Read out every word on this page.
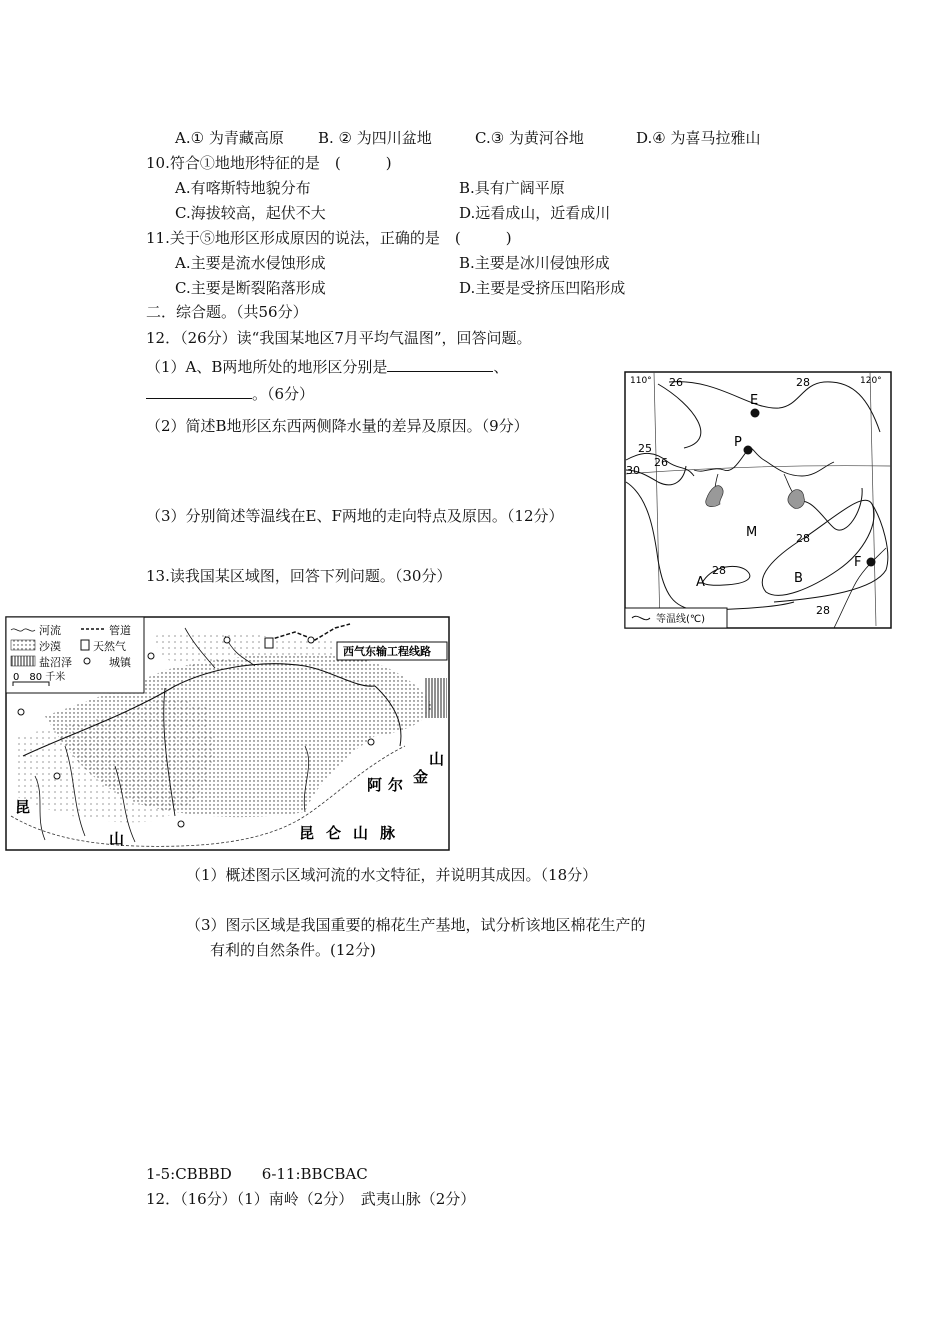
A.① 为青藏高原 B. ② 为四川盆地	C.③ 为黄河谷地	D.④ 为喜马拉雅山
10.符合①地地形特征的是　(　　　)
A.有喀斯特地貌分布	B.具有广阔平原
C.海拔较高，起伏不大	D.远看成山，近看成川
11.关于⑤地形区形成原因的说法，正确的是　(　　　)
A.主要是流水侵蚀形成	B.主要是冰川侵蚀形成
C.主要是断裂陷落形成	D.主要是受挤压凹陷形成
二．综合题。（共56分）
12．（26分）读“我国某地区7月平均气温图”，回答问题。
（1）A、B两地所处的地形区分别是	、
。（6分）
（2）简述B地形区东西两侧降水量的差异及原因。（9分）
（3）分别简述等温线在E、F两地的走向特点及原因。（12分）
13.读我国某区域图，回答下列问题。（30分）
110°	120°
26	28
E
P
25
30
26
M	28
A
28
B
F
28
等温线(℃)
西气东输工程线路
河流	管道
沙漠	天然气
盐沼泽	城镇
0　80 千米
昆仑山脉
昆
山
阿尔 金
山
（1）概述图示区域河流的水文特征，并说明其成因。（18分）
（3）图示区域是我国重要的棉花生产基地，试分析该地区棉花生产的
有利的自然条件。(12分)
1-5:CBBBD　　6-11:BBCBAC
12．（16分）（1）南岭（2分）　武夷山脉（2分）
